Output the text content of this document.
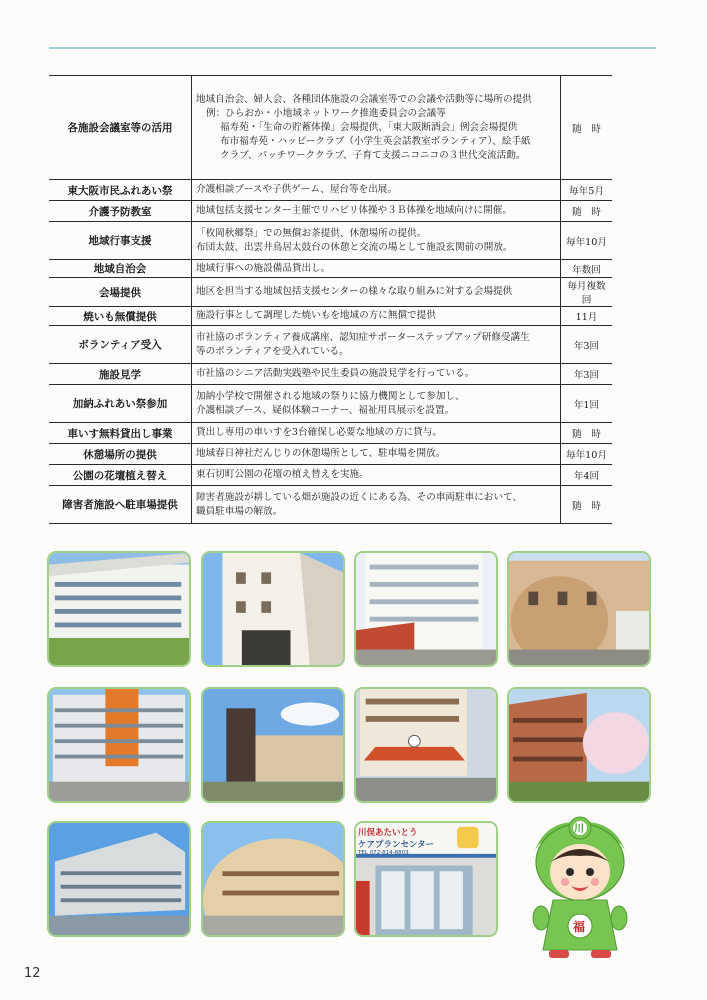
各施設会議室等の活用	地域自治会、婦人会、各種団体施設の会議室等での会議や活動等に場所の提供
例：ひらおか・小地域ネットワーク推進委員会の会議等
福寿苑・「生命の貯蓄体操」会場提供、「東大阪断酒会」例会会場提供
布市福寿苑・ハッピークラブ（小学生英会話教室ボランティア）、絵手紙
クラブ、パッチワーククラブ、子育て支援ニコニコの３世代交流活動。	随　時
東大阪市民ふれあい祭	介護相談ブースや子供ゲーム、屋台等を出展。	毎年5月
介護予防教室	地域包括支援センター主催でリハビリ体操や３Ｂ体操を地域向けに開催。	随　時
地域行事支援	「枚岡秋郷祭」での無償お茶提供、休憩場所の提供。
布団太鼓、出雲井鳥居太鼓台の休憩と交流の場として施設玄関前の開放。	毎年10月
地域自治会	地域行事への施設備品貸出し。	年数回
会場提供	地区を担当する地域包括支援センターの様々な取り組みに対する会場提供	毎月複数回
焼いも無償提供	施設行事として調理した焼いもを地域の方に無償で提供	11月
ボランティア受入	市社協のボランティア養成講座、認知症サポーターステップアップ研修受講生
等のボランティアを受入れている。	年3回
施設見学	市社協のシニア活動実践塾や民生委員の施設見学を行っている。	年3回
加納ふれあい祭参加	加納小学校で開催される地域の祭りに協力機関として参加し、
介護相談ブース、疑似体験コーナー、福祉用具展示を設置。	年1回
車いす無料貸出し事業	貸出し専用の車いすを3台確保し必要な地域の方に貸与。	随　時
休憩場所の提供	地域春日神社だんじりの休憩場所として、駐車場を開放。	毎年10月
公園の花壇植え替え	東石切町公園の花壇の植え替えを実施。	年4回
障害者施設へ駐車場提供	障害者施設が耕している畑が施設の近くにある為、その車両駐車において、
職員駐車場の解放。	随　時
川俣あたいとう
ケアプランセンター
TEL 072-814-8803
川
福
12
